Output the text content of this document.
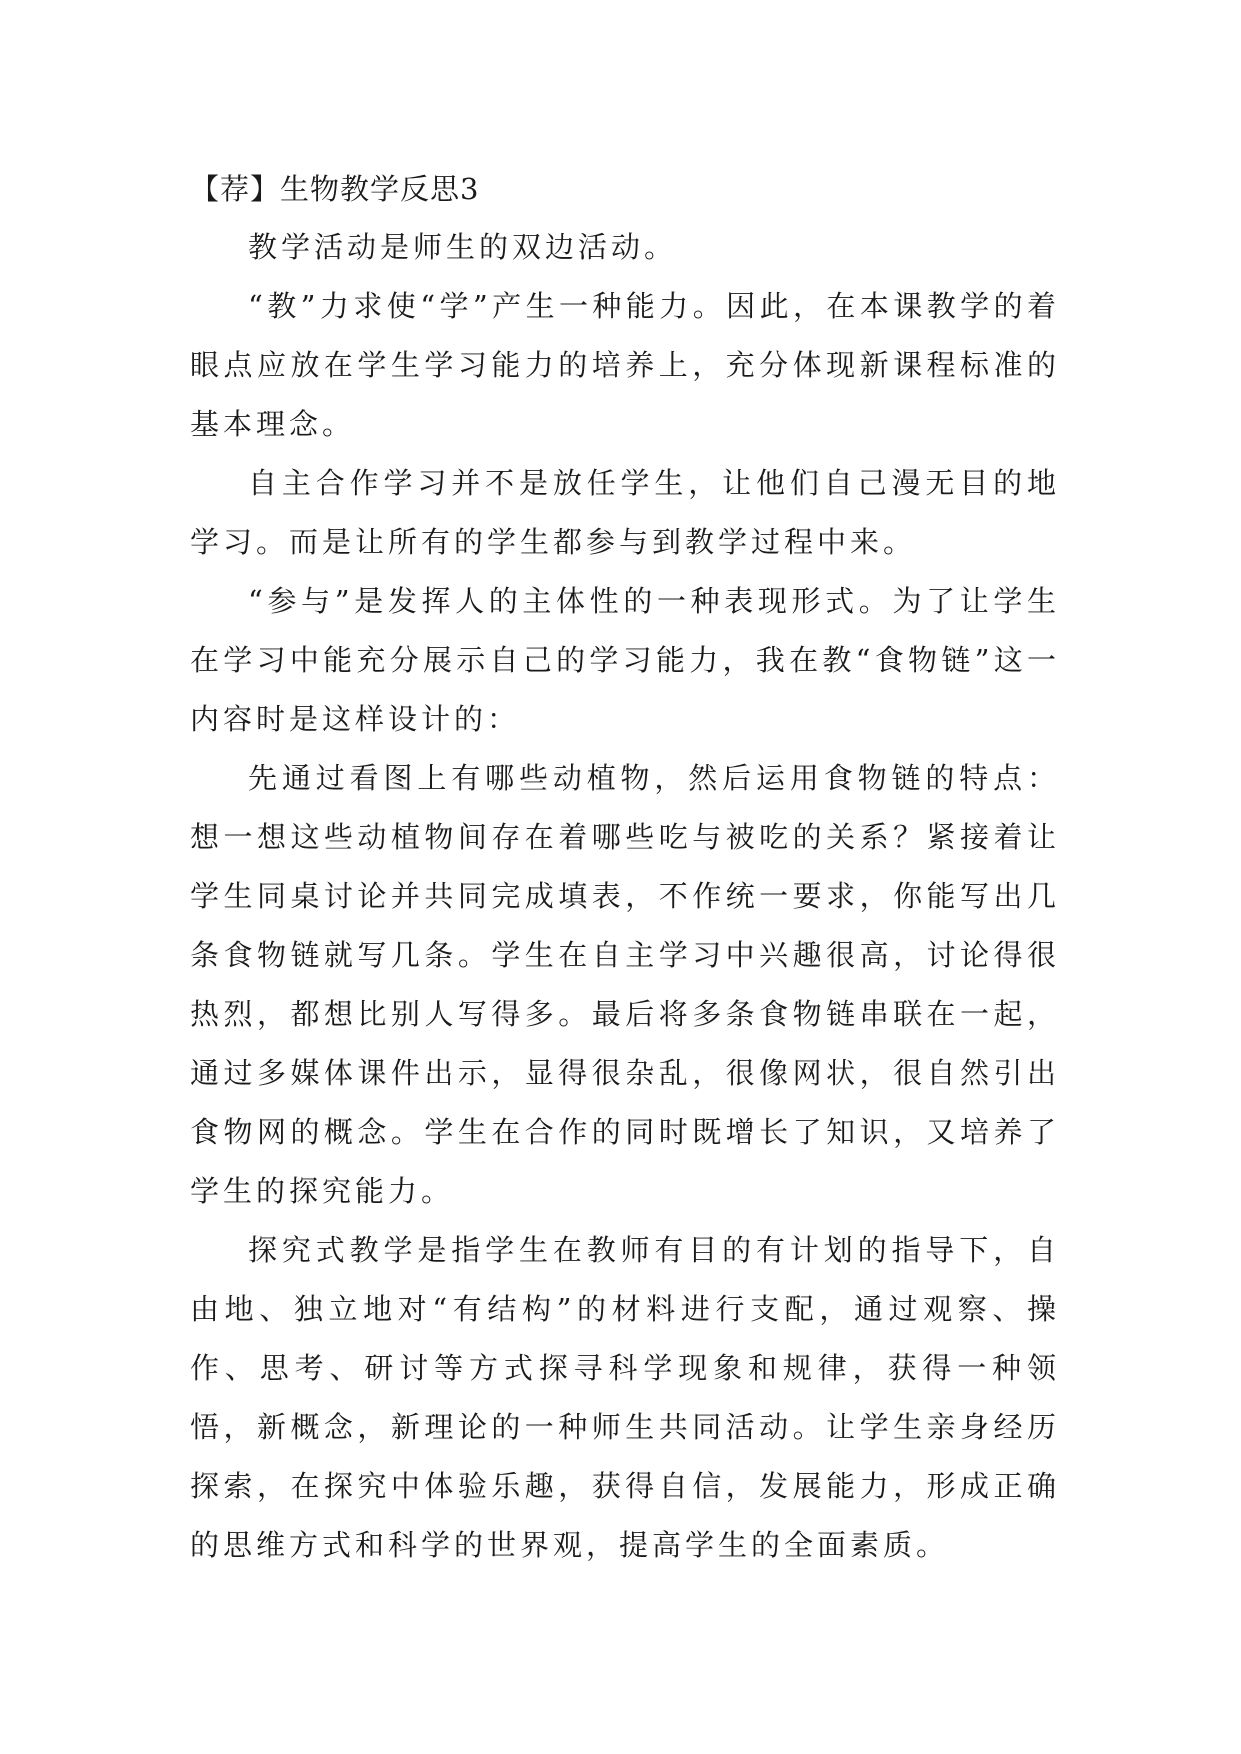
【荐】生物教学反思3

教学活动是师生的双边活动。

“教”力求使“学”产生一种能力。因此，在本课教学的着眼点应放在学生学习能力的培养上，充分体现新课程标准的基本理念。

自主合作学习并不是放任学生，让他们自己漫无目的地学习。而是让所有的学生都参与到教学过程中来。

“参与”是发挥人的主体性的一种表现形式。为了让学生在学习中能充分展示自己的学习能力，我在教“食物链”这一内容时是这样设计的：

先通过看图上有哪些动植物，然后运用食物链的特点：想一想这些动植物间存在着哪些吃与被吃的关系？紧接着让学生同桌讨论并共同完成填表，不作统一要求，你能写出几条食物链就写几条。学生在自主学习中兴趣很高，讨论得很热烈，都想比别人写得多。最后将多条食物链串联在一起，通过多媒体课件出示，显得很杂乱，很像网状，很自然引出食物网的概念。学生在合作的同时既增长了知识，又培养了学生的探究能力。

探究式教学是指学生在教师有目的有计划的指导下，自由地、独立地对“有结构”的材料进行支配，通过观察、操作、思考、研讨等方式探寻科学现象和规律，获得一种领悟，新概念，新理论的一种师生共同活动。让学生亲身经历探索，在探究中体验乐趣，获得自信，发展能力，形成正确的思维方式和科学的世界观，提高学生的全面素质。
